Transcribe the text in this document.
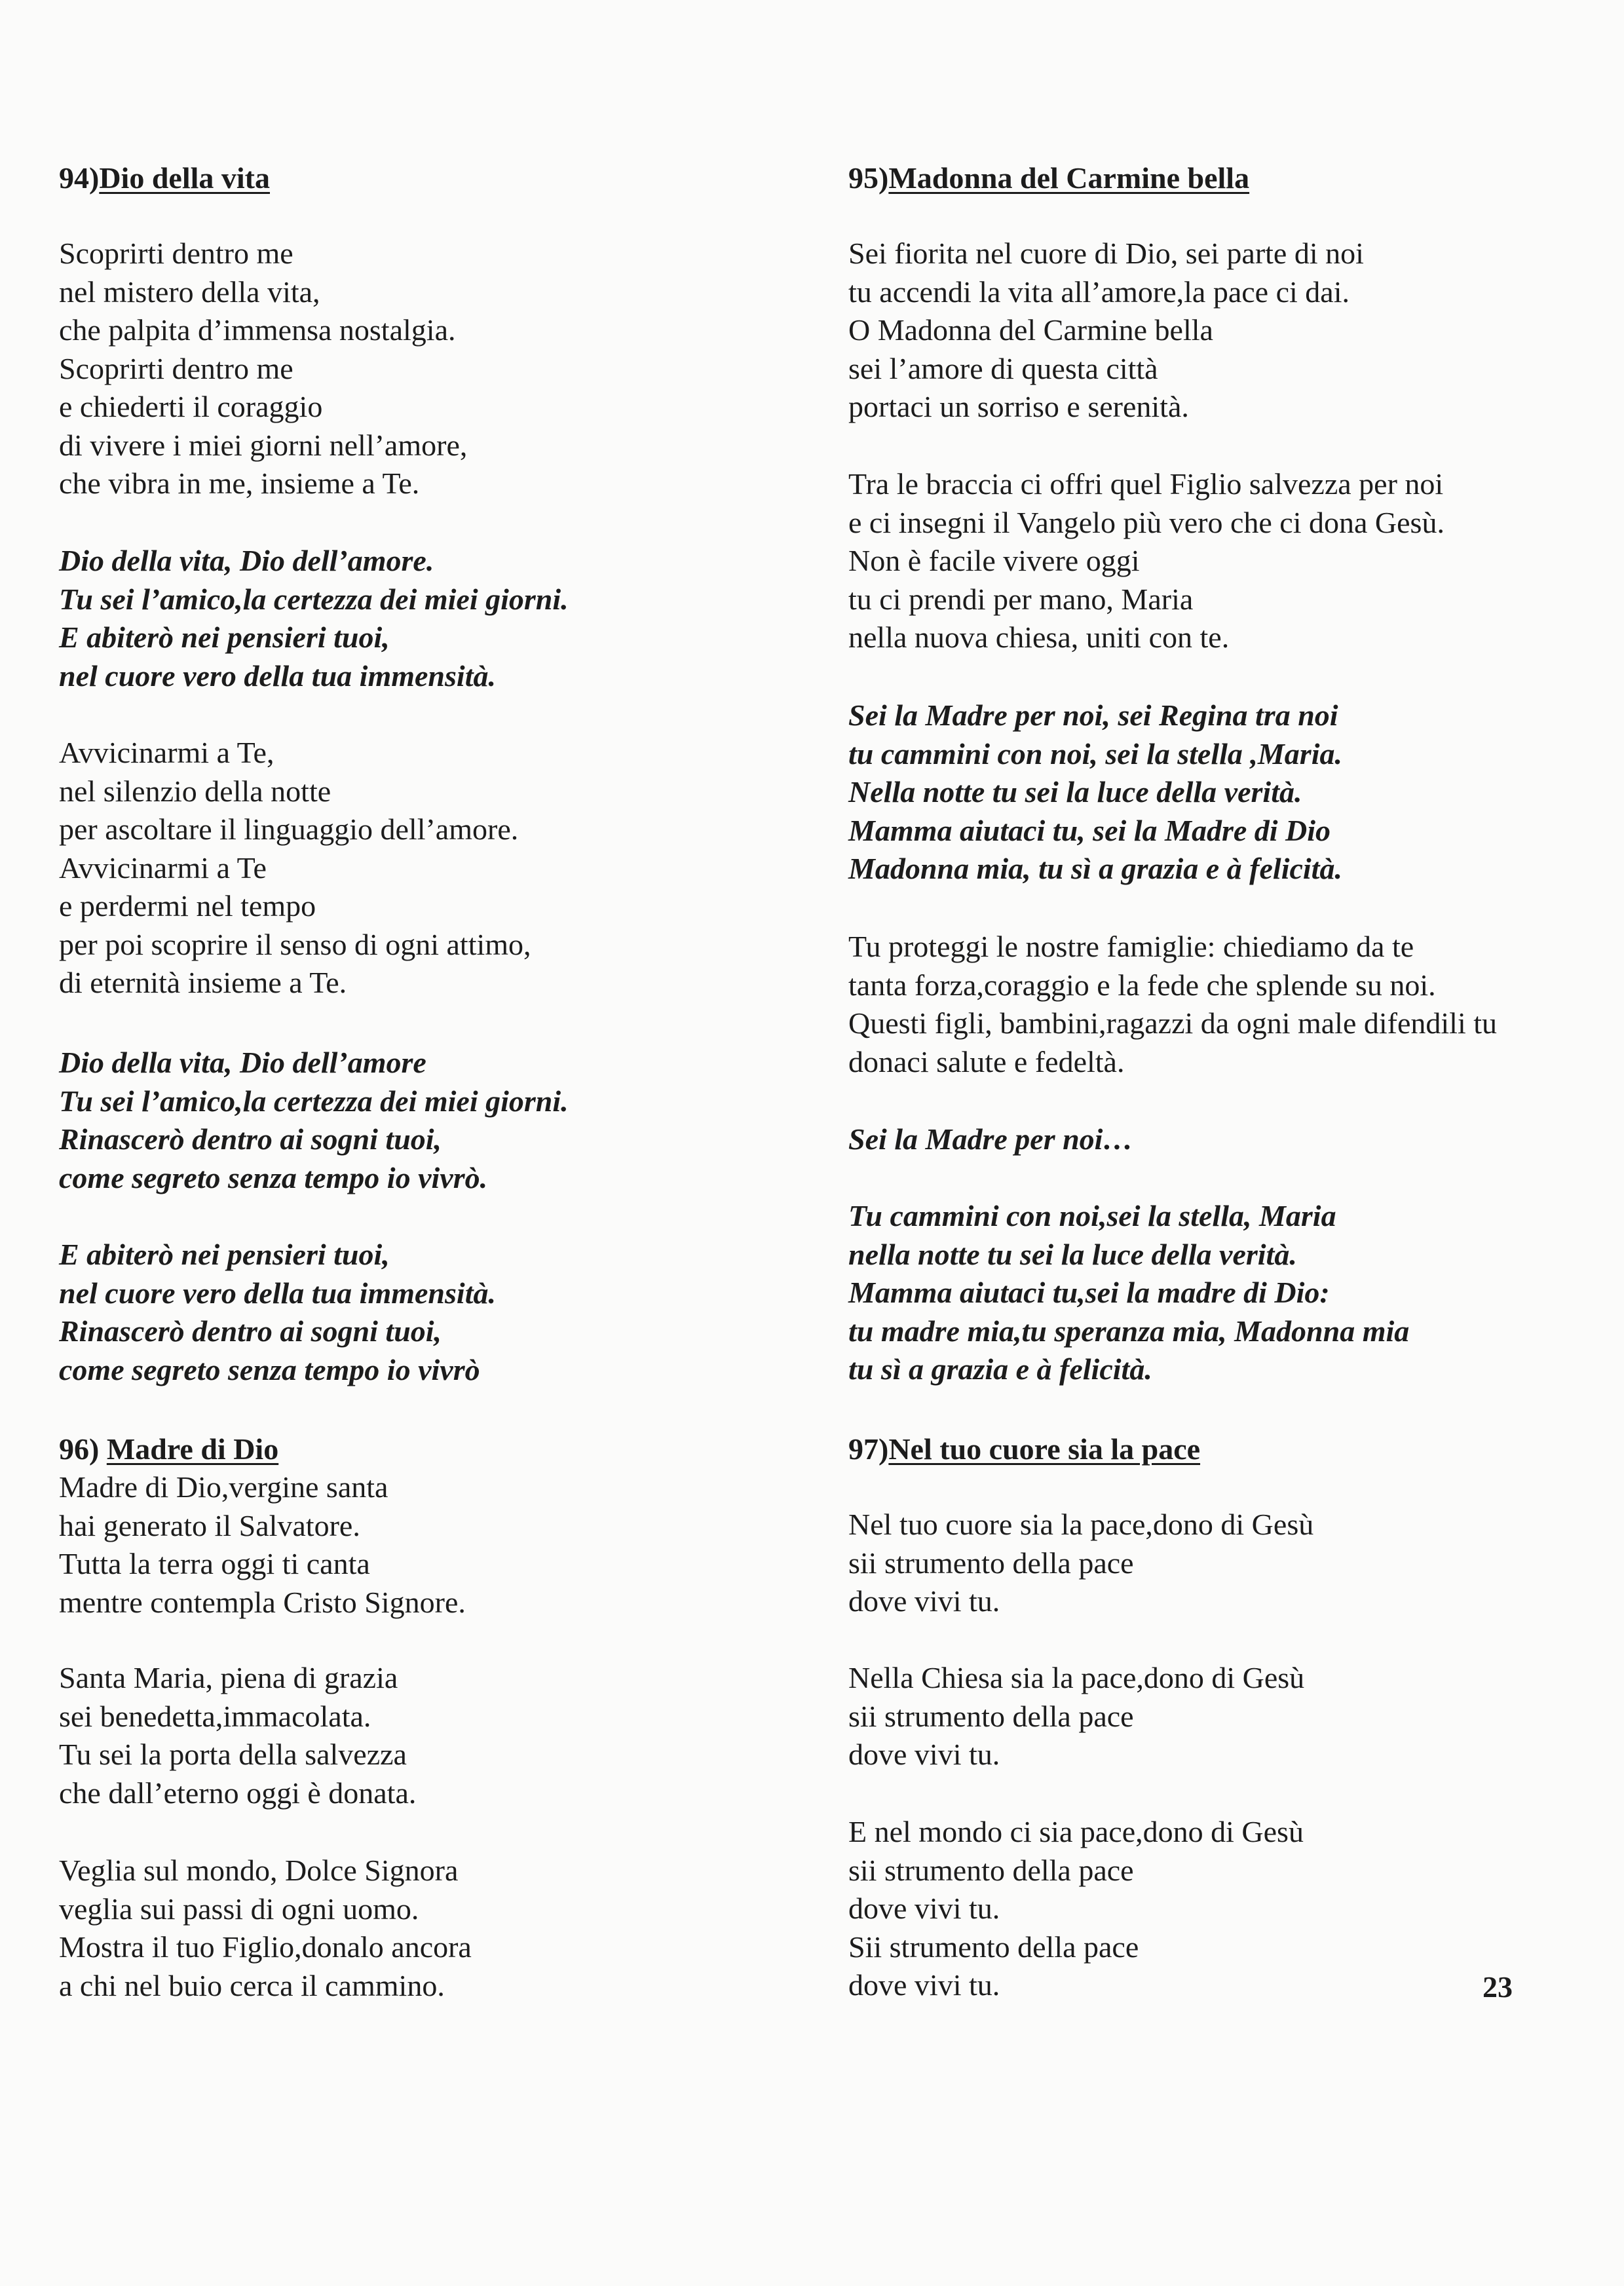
94)Dio della vita
Scoprirti dentro me
nel mistero della vita,
che palpita d’immensa nostalgia.
Scoprirti dentro me
e chiederti il coraggio
di vivere i miei giorni nell’amore,
che vibra in me, insieme a Te.
Dio della vita, Dio dell’amore.
Tu sei l’amico,la certezza dei miei giorni.
E abiterò nei pensieri tuoi,
nel cuore vero della tua immensità.
Avvicinarmi a Te,
nel silenzio della notte
per ascoltare il linguaggio dell’amore.
Avvicinarmi a Te
e perdermi nel tempo
per poi scoprire il senso di ogni attimo,
di eternità insieme a Te.
Dio della vita, Dio dell’amore
Tu sei l’amico,la certezza dei miei giorni.
Rinascerò dentro ai sogni tuoi,
come segreto senza tempo io vivrò.
E abiterò nei pensieri tuoi,
nel cuore vero della tua immensità.
Rinascerò dentro ai sogni tuoi,
come segreto senza tempo io vivrò
96) Madre di Dio
Madre di Dio,vergine santa
hai generato il Salvatore.
Tutta la terra oggi ti canta
mentre contempla Cristo Signore.
Santa Maria, piena di grazia
sei benedetta,immacolata.
Tu sei la porta della salvezza
che dall’eterno oggi è donata.
Veglia sul mondo, Dolce Signora
veglia sui passi di ogni uomo.
Mostra il tuo Figlio,donalo ancora
a chi nel buio cerca il cammino.
95)Madonna del Carmine bella
Sei fiorita nel cuore di Dio, sei parte di noi
tu accendi la vita all’amore,la pace ci dai.
O Madonna del Carmine bella
sei l’amore di questa città
portaci un sorriso e serenità.
Tra le braccia ci offri quel Figlio salvezza per noi
e ci insegni il Vangelo più vero che ci dona Gesù.
Non è facile vivere oggi
tu ci prendi per mano, Maria
nella nuova chiesa, uniti con te.
Sei la Madre per noi, sei Regina tra noi
tu cammini con noi, sei la stella ,Maria.
Nella notte tu sei la luce della verità.
Mamma aiutaci tu, sei la Madre di Dio
Madonna mia, tu sì a grazia e à felicità.
Tu proteggi le nostre famiglie: chiediamo da te
tanta forza,coraggio e la fede che splende su noi.
Questi figli, bambini,ragazzi da ogni male difendili tu
donaci salute e fedeltà.
Sei la Madre per noi…
Tu cammini con noi,sei la stella, Maria
nella notte tu sei la luce della verità.
Mamma aiutaci tu,sei la madre di Dio:
tu madre mia,tu speranza mia, Madonna mia
tu sì a grazia e à felicità.
97)Nel tuo cuore sia la pace
Nel tuo cuore sia la pace,dono di Gesù
sii strumento della pace
dove vivi tu.
Nella Chiesa sia la pace,dono di Gesù
sii strumento della pace
dove vivi tu.
E nel mondo ci sia pace,dono di Gesù
sii strumento della pace
dove vivi tu.
Sii strumento della pace
dove vivi tu.	23
